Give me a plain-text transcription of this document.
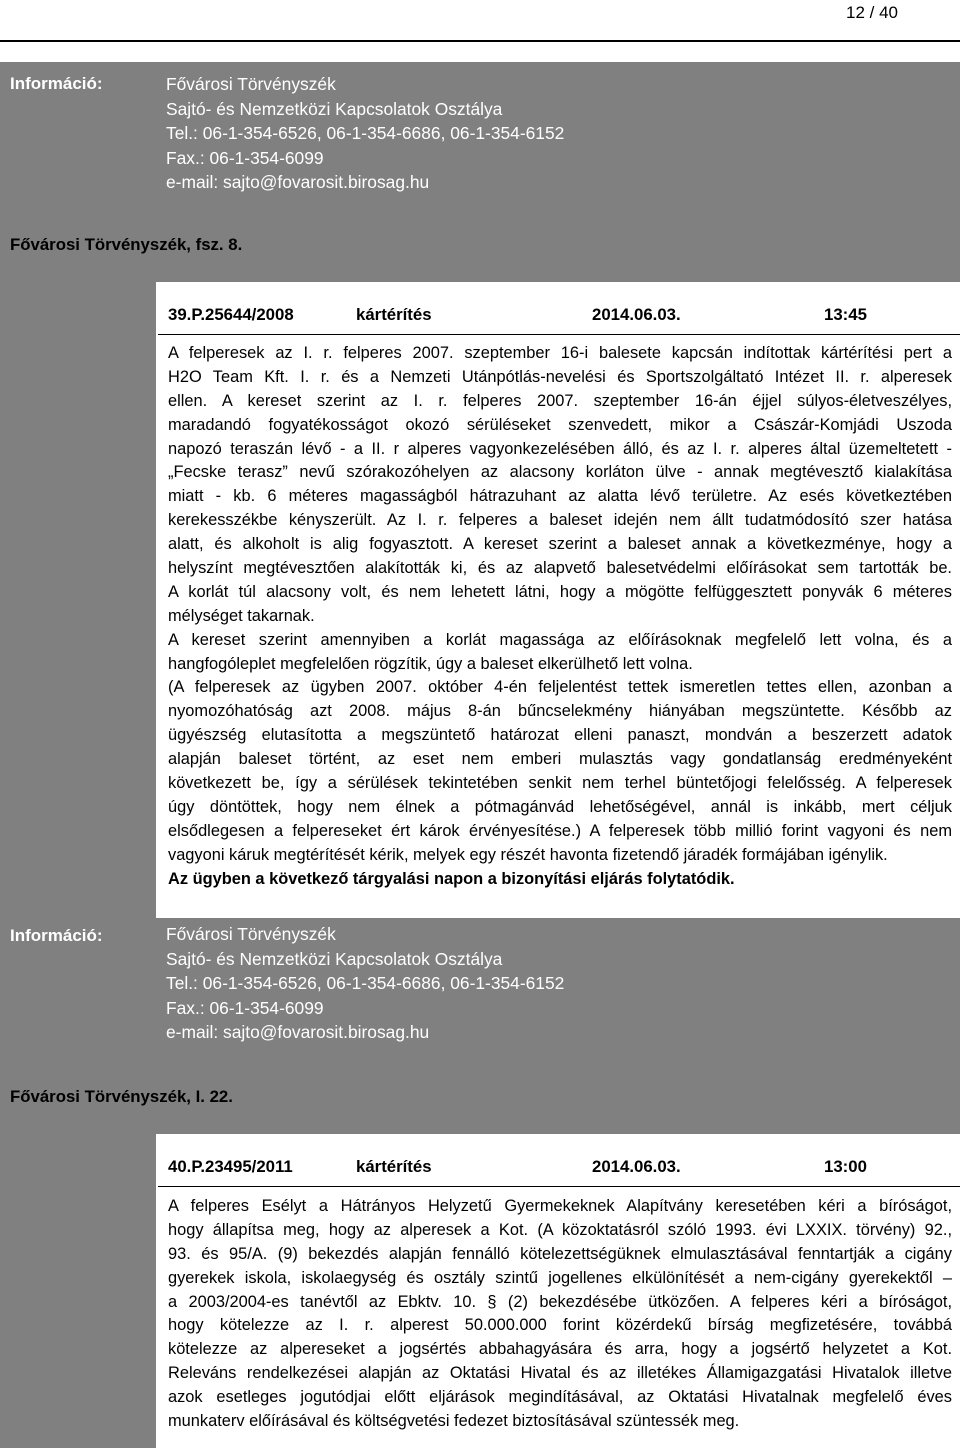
12 / 40
Információ:	Fővárosi Törvényszék
Sajtó- és Nemzetközi Kapcsolatok Osztálya
Tel.: 06-1-354-6526, 06-1-354-6686, 06-1-354-6152
Fax.: 06-1-354-6099
e-mail: sajto@fovarosit.birosag.hu
Fővárosi Törvényszék, fsz. 8.
39.P.25644/2008	kártérítés	2014.06.03.	13:45
A felperesek az I. r. felperes 2007. szeptember 16-i balesete kapcsán indítottak kártérítési pert a
H2O Team Kft. I. r. és a Nemzeti Utánpótlás-nevelési és Sportszolgáltató Intézet II. r. alperesek
ellen. A kereset szerint az I. r. felperes 2007. szeptember 16-án éjjel súlyos-életveszélyes,
maradandó fogyatékosságot okozó sérüléseket szenvedett, mikor a Császár-Komjádi Uszoda
napozó teraszán lévő - a II. r alperes vagyonkezelésében álló, és az I. r. alperes által üzemeltetett -
„Fecske terasz” nevű szórakozóhelyen az alacsony korláton ülve - annak megtévesztő kialakítása
miatt - kb. 6 méteres magasságból hátrazuhant az alatta lévő területre. Az esés következtében
kerekesszékbe kényszerült. Az I. r. felperes a baleset idején nem állt tudatmódosító szer hatása
alatt, és alkoholt is alig fogyasztott. A kereset szerint a baleset annak a következménye, hogy a
helyszínt megtévesztően alakították ki, és az alapvető balesetvédelmi előírásokat sem tartották be.
A korlát túl alacsony volt, és nem lehetett látni, hogy a mögötte felfüggesztett ponyvák 6 méteres
mélységet takarnak.
A kereset szerint amennyiben a korlát magassága az előírásoknak megfelelő lett volna, és a
hangfogóleplet megfelelően rögzítik, úgy a baleset elkerülhető lett volna.
(A felperesek az ügyben 2007. október 4-én feljelentést tettek ismeretlen tettes ellen, azonban a
nyomozóhatóság azt 2008. május 8-án bűncselekmény hiányában megszüntette. Később az
ügyészség elutasította a megszüntető határozat elleni panaszt, mondván a beszerzett adatok
alapján baleset történt, az eset nem emberi mulasztás vagy gondatlanság eredményeként
következett be, így a sérülések tekintetében senkit nem terhel büntetőjogi felelősség. A felperesek
úgy döntöttek, hogy nem élnek a pótmagánvád lehetőségével, annál is inkább, mert céljuk
elsődlegesen a felpereseket ért károk érvényesítése.) A felperesek több millió forint vagyoni és nem
vagyoni káruk megtérítését kérik, melyek egy részét havonta fizetendő járadék formájában igénylik.
Az ügyben a következő tárgyalási napon a bizonyítási eljárás folytatódik.
Információ:	Fővárosi Törvényszék
Sajtó- és Nemzetközi Kapcsolatok Osztálya
Tel.: 06-1-354-6526, 06-1-354-6686, 06-1-354-6152
Fax.: 06-1-354-6099
e-mail: sajto@fovarosit.birosag.hu
Fővárosi Törvényszék, I. 22.
40.P.23495/2011	kártérítés	2014.06.03.	13:00
A felperes Esélyt a Hátrányos Helyzetű Gyermekeknek Alapítvány keresetében kéri a bíróságot,
hogy állapítsa meg, hogy az alperesek a Kot. (A közoktatásról szóló 1993. évi LXXIX. törvény) 92.,
93. és 95/A. (9) bekezdés alapján fennálló kötelezettségüknek elmulasztásával fenntartják a cigány
gyerekek iskola, iskolaegység és osztály szintű jogellenes elkülönítését a nem-cigány gyerekektől –
a 2003/2004-es tanévtől az Ebktv. 10. § (2) bekezdésébe ütközően. A felperes kéri a bíróságot,
hogy kötelezze az I. r. alperest 50.000.000 forint közérdekű bírság megfizetésére, továbbá
kötelezze az alpereseket a jogsértés abbahagyására és arra, hogy a jogsértő helyzetet a Kot.
Releváns rendelkezései alapján az Oktatási Hivatal és az illetékes Államigazgatási Hivatalok illetve
azok esetleges jogutódjai előtt eljárások megindításával, az Oktatási Hivatalnak megfelelő éves
munkaterv előírásával és költségvetési fedezet biztosításával szüntessék meg.
